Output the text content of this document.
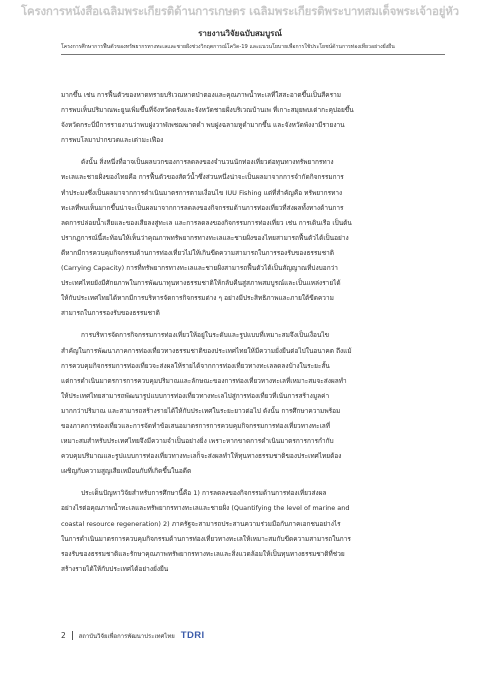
โครงการหนังสือเฉลิมพระเกียรติด้านการเกษตร เฉลิมพระเกียรติพระบาทสมเด็จพระเจ้าอยู่หัว
รายงานวิจัยฉบับสมบูรณ์
โครงการศึกษาการฟื้นตัวของทรัพยากรทางทะเลและชายฝั่งช่วงวิกฤตการณ์โควิด-19 และแนวนโยบายเพื่อการใช้ประโยชน์ด้านการท่องเที่ยวอย่างยั่งยืน
มากขึ้น เช่น การฟื้นตัวของหาดทรายบริเวณหาดป่าตองและคุณภาพน้ำทะเลที่ใสสะอาดขึ้นเป็นสีคราม
การพบเห็นปริมาณพะยูนเพิ่มขึ้นที่จังหวัดตรังและจังหวัดชายฝั่งบริเวณบ้านเพ ที่เกาะสมุยพบเต่ากะคุบ่อยขึ้น
จังหวัดกระบี่มีการรายงานว่าพบฝูงวาฬเพชฌฆาตดำ พบฝูงฉลามหูดำมากขึ้น และจังหวัดพังงามีรายงาน
การพบโลมาปากขวดและเต่ามะเฟือง
ดังนั้น สิ่งหนึ่งที่อาจเป็นผลบวกของการลดลงของจำนวนนักท่องเที่ยวต่อทุนทางทรัพยากรทาง
ทะเลและชายฝั่งของไทยคือ การฟื้นตัวของสัตว์น้ำซึ่งส่วนหนึ่งน่าจะเป็นผลมาจากการจำกัดกิจกรรมการ
ทำประมงซึ่งเป็นผลมาจากการดำเนินมาตรการตามเงื่อนไข IUU Fishing แต่ที่สำคัญคือ ทรัพยากรทาง
ทะเลที่พบเห็นมากขึ้นน่าจะเป็นผลมาจากการลดลงของกิจกรรมด้านการท่องเที่ยวที่ส่งผลทั้งทางด้านการ
ลดการปล่อยน้ำเสียและของเสียลงสู่ทะเล และการลดลงของกิจกรรมการท่องเที่ยว เช่น การเดินเรือ เป็นต้น
ปรากฏการณ์นี้สะท้อนให้เห็นว่าคุณภาพทรัพยากรทางทะเลและชายฝั่งของไทยสามารถฟื้นตัวได้เป็นอย่าง
ดีหากมีการควบคุมกิจกรรมด้านการท่องเที่ยวไม่ให้เกินขีดความสามารถในการรองรับของธรรมชาติ
(Carrying Capacity) การที่ทรัพยากรทางทะเลและชายฝั่งสามารถฟื้นตัวได้เป็นสัญญาณที่บ่งบอกว่า
ประเทศไทยยังมีศักยภาพในการพัฒนาทุนทางธรรมชาติให้กลับคืนสู่สภาพสมบูรณ์และเป็นแหล่งรายได้
ให้กับประเทศไทยได้หากมีการบริหารจัดการกิจกรรมต่าง ๆ อย่างมีประสิทธิภาพและภายใต้ขีดความ
สามารถในการรองรับของธรรมชาติ
การบริหารจัดการกิจกรรมการท่องเที่ยวให้อยู่ในระดับและรูปแบบที่เหมาะสมจึงเป็นเงื่อนไข
สำคัญในการพัฒนาภาคการท่องเที่ยวทางธรรมชาติของประเทศไทยให้มีความยั่งยืนต่อไปในอนาคต ถึงแม้
การควบคุมกิจกรรมการท่องเที่ยวจะส่งผลให้รายได้จากการท่องเที่ยวทางทะเลลดลงบ้างในระยะสั้น
แต่การดำเนินมาตรการการควบคุมปริมาณและลักษณะของการท่องเที่ยวทางทะเลที่เหมาะสมจะส่งผลทำ
ให้ประเทศไทยสามารถพัฒนารูปแบบการท่องเที่ยวทางทะเลไปสู่การท่องเที่ยวที่เน้นการสร้างมูลค่า
มากกว่าปริมาณ และสามารถสร้างรายได้ให้กับประเทศในระยะยาวต่อไป ดังนั้น การศึกษาความพร้อม
ของภาคการท่องเที่ยวและการจัดทำข้อเสนอมาตรการการควบคุมกิจกรรมการท่องเที่ยวทางทะเลที่
เหมาะสมสำหรับประเทศไทยจึงมีความจำเป็นอย่างยิ่ง เพราะหากขาดการดำเนินมาตรการการกำกับ
ควบคุมปริมาณและรูปแบบการท่องเที่ยวทางทะเลก็จะส่งผลทำให้ทุนทางธรรมชาติของประเทศไทยต้อง
เผชิญกับความสูญเสียเหมือนกับที่เกิดขึ้นในอดีต
ประเด็นปัญหาวิจัยสำหรับการศึกษานี้คือ 1) การลดลงของกิจกรรมด้านการท่องเที่ยวส่งผล
อย่างไรต่อคุณภาพน้ำทะเลและทรัพยากรทางทะเลและชายฝั่ง (Quantifying the level of marine and
coastal resource regeneration) 2) ภาครัฐจะสามารถประสานความร่วมมือกับภาคเอกชนอย่างไร
ในการดำเนินมาตรการควบคุมกิจกรรมด้านการท่องเที่ยวทางทะเลให้เหมาะสมกับขีดความสามารถในการ
รองรับของธรรมชาติและรักษาคุณภาพทรัพยากรทางทะเลและสิ่งแวดล้อมให้เป็นทุนทางธรรมชาติที่ช่วย
สร้างรายได้ให้กับประเทศได้อย่างยั่งยืน
2 สถาบันวิจัยเพื่อการพัฒนาประเทศไทย TDRI
